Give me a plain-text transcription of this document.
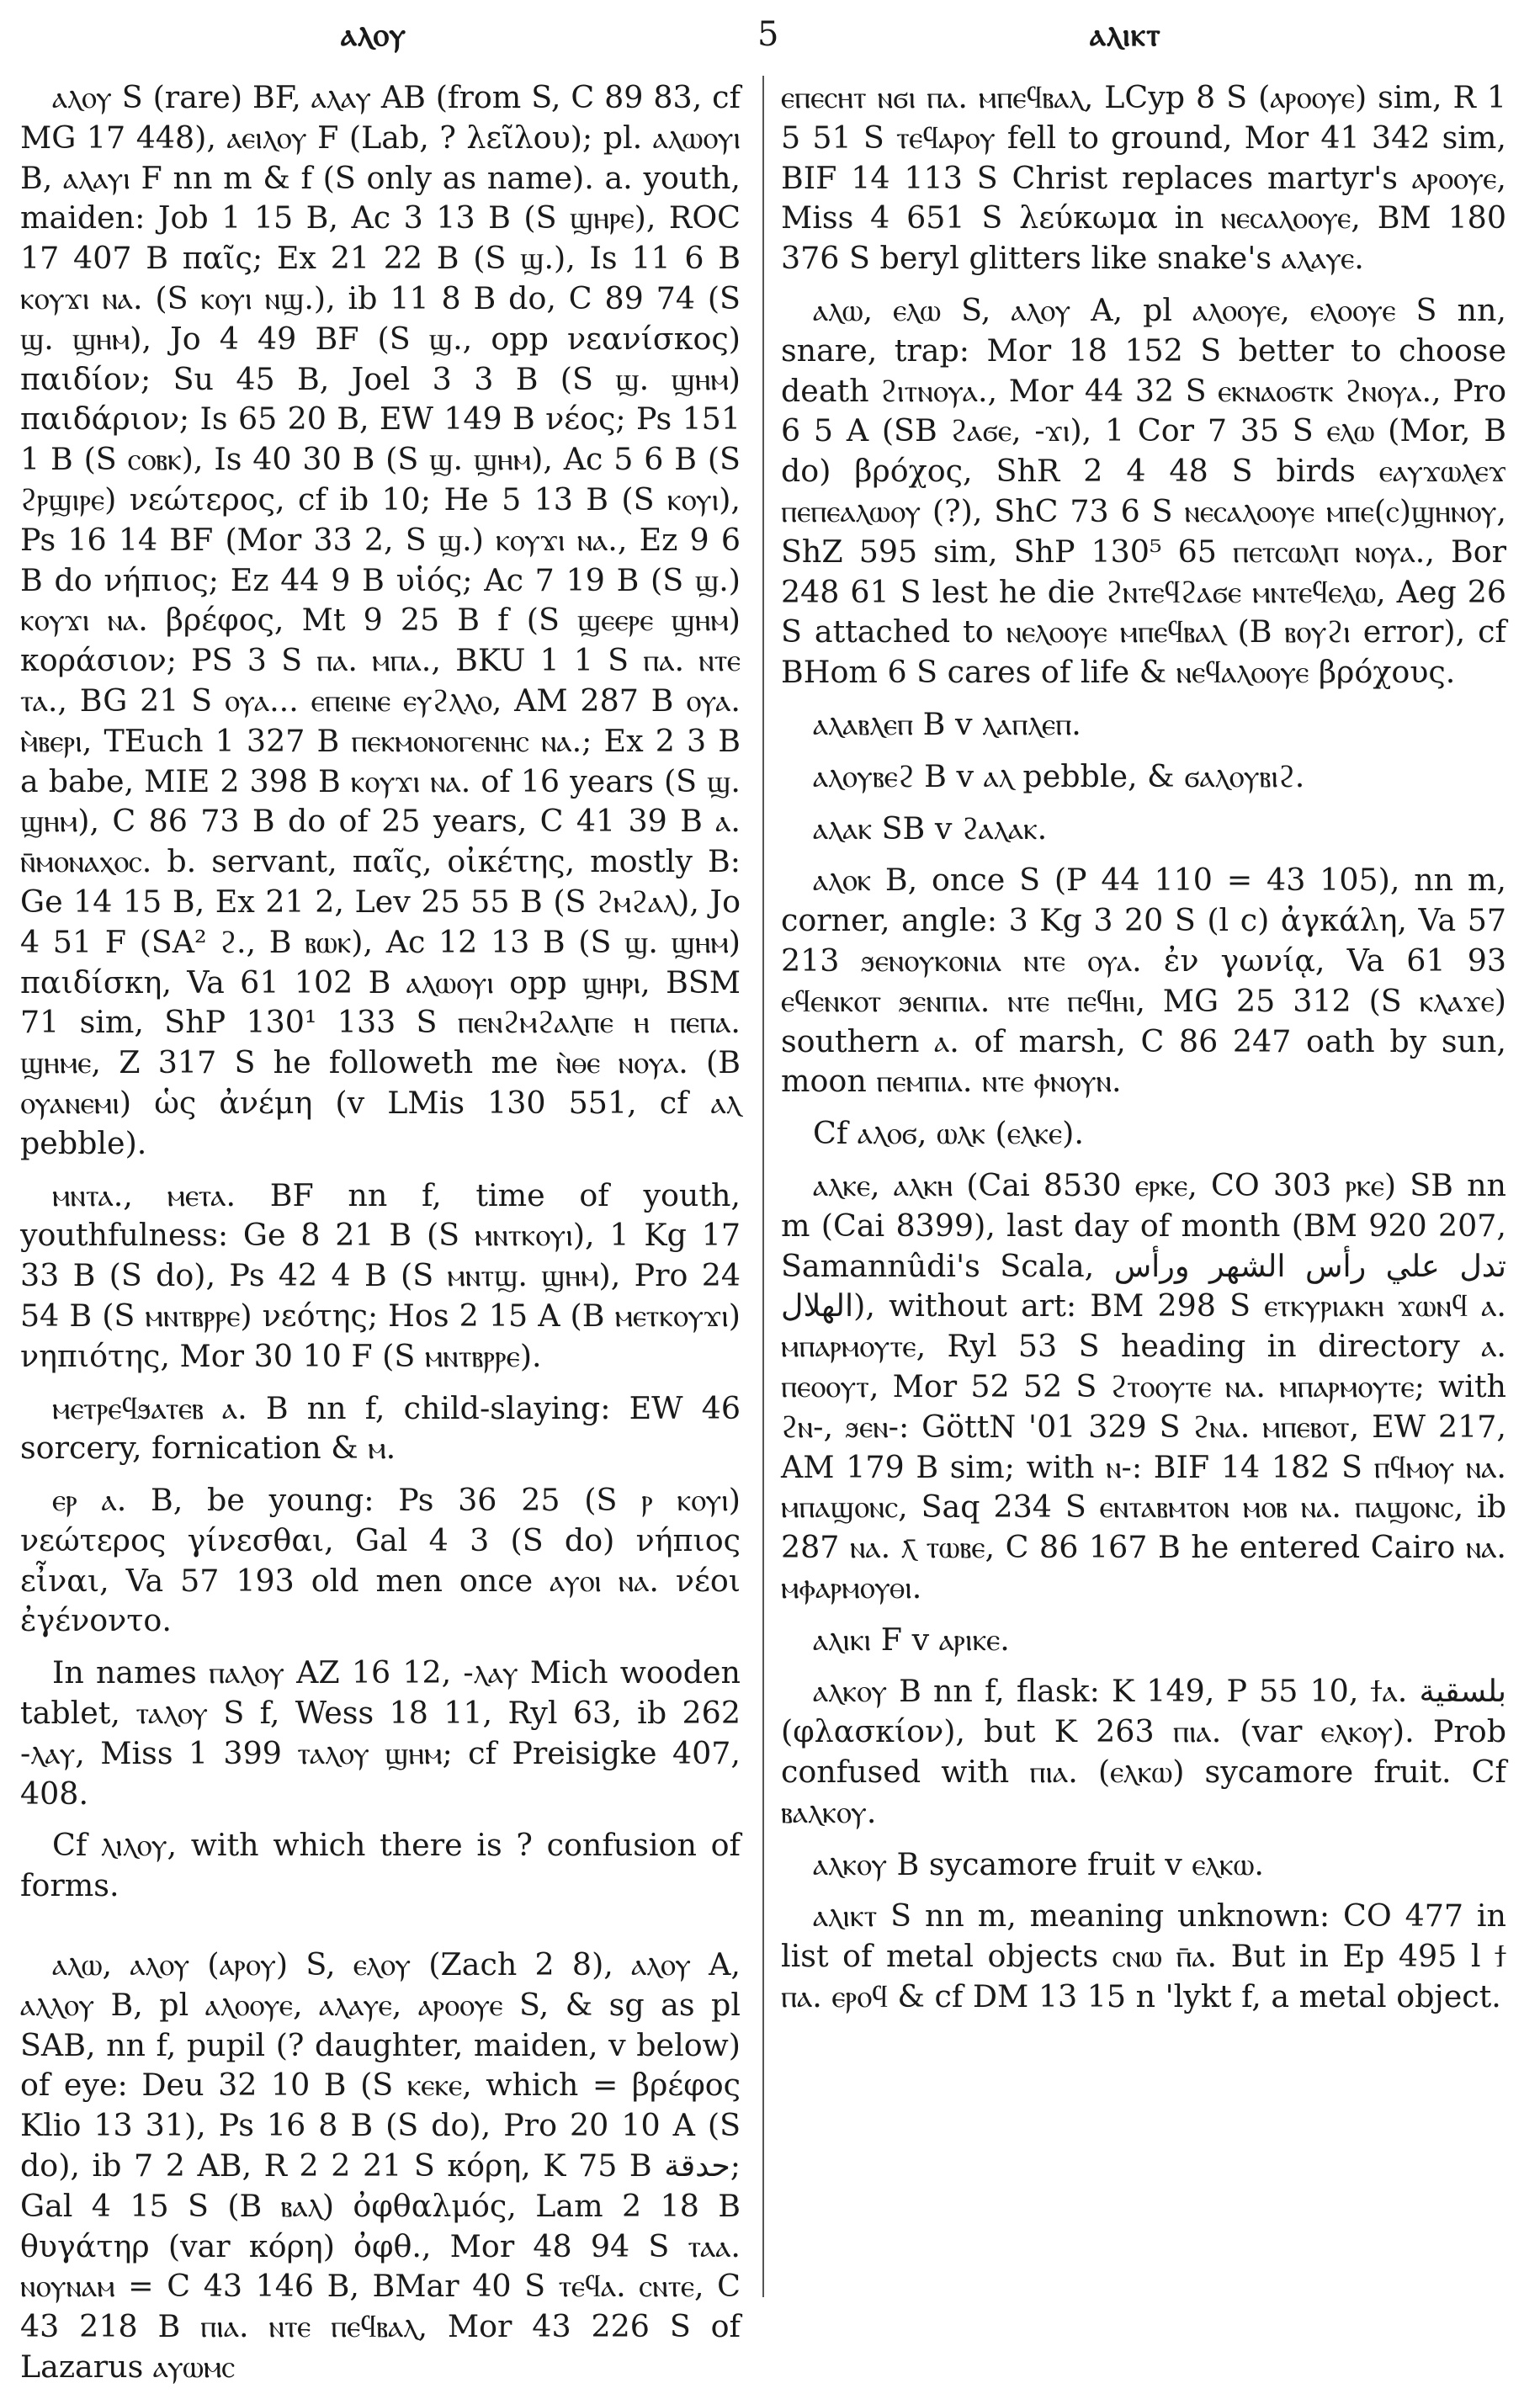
ⲁⲗⲟⲩ	5	ⲁⲗⲓⲕⲧ

ⲁⲗⲟⲩ S (rare) BF, ⲁⲗⲁⲩ AB (from S, C 89 83, cf MG 17 448), ⲁⲉⲓⲗⲟⲩ F (Lab, ? λεῖλου); pl. ⲁⲗⲱⲟⲩⲓ B, ⲁⲗⲁⲩⲓ F nn m & f (S only as name). a. youth, maiden: Job 1 15 B, Ac 3 13 B (S ϣⲏⲣⲉ), ROC 17 407 B παῖς; Ex 21 22 B (S ϣ.), Is 11 6 B ⲕⲟⲩϫⲓ ⲛⲁ. (S ⲕⲟⲩⲓ ⲛϣ.), ib 11 8 B do, C 89 74 (S ϣ. ϣⲏⲙ), Jo 4 49 BF (S ϣ., opp νεανίσκος) παιδίον; Su 45 B, Joel 3 3 B (S ϣ. ϣⲏⲙ) παιδάριον; Is 65 20 B, EW 149 B νέος; Ps 151 1 B (S ⲥⲟⲃⲕ), Is 40 30 B (S ϣ. ϣⲏⲙ), Ac 5 6 B (S ϩⲣϣⲓⲣⲉ) νεώτερος, cf ib 10; He 5 13 B (S ⲕⲟⲩⲓ), Ps 16 14 BF (Mor 33 2, S ϣ.) ⲕⲟⲩϫⲓ ⲛⲁ., Ez 9 6 B do νήπιος; Ez 44 9 B υἱός; Ac 7 19 B (S ϣ.) ⲕⲟⲩϫⲓ ⲛⲁ. βρέφος, Mt 9 25 B f (S ϣⲉⲉⲣⲉ ϣⲏⲙ) κοράσιον; PS 3 S ⲡⲁ. ⲙⲡⲁ., BKU 1 1 S ⲡⲁ. ⲛⲧⲉ ⲧⲁ., BG 21 S ⲟⲩⲁ... ⲉⲡⲉⲓⲛⲉ ⲉⲩϩⲗⲗⲟ, AM 287 B ⲟⲩⲁ. ⲙ̀ⲃⲉⲣⲓ, TEuch 1 327 B ⲡⲉⲕⲙⲟⲛⲟⲅⲉⲛⲏⲥ ⲛⲁ.; Ex 2 3 B a babe, MIE 2 398 B ⲕⲟⲩϫⲓ ⲛⲁ. of 16 years (S ϣ. ϣⲏⲙ), C 86 73 B do of 25 years, C 41 39 B ⲁ. ⲛ̄ⲙⲟⲛⲁⲭⲟⲥ. b. servant, παῖς, οἰκέτης, mostly B: Ge 14 15 B, Ex 21 2, Lev 25 55 B (S ϩⲙϩⲁⲗ), Jo 4 51 F (SA² ϩ., B ⲃⲱⲕ), Ac 12 13 B (S ϣ. ϣⲏⲙ) παιδίσκη, Va 61 102 B ⲁⲗⲱⲟⲩⲓ opp ϣⲏⲣⲓ, BSM 71 sim, ShP 130¹ 133 S ⲡⲉⲛϩⲙϩⲁⲗⲡⲉ ⲏ ⲡⲉⲡⲁ. ϣⲏⲙⲉ, Z 317 S he followeth me ⲛ̀ⲑⲉ ⲛⲟⲩⲁ. (B ⲟⲩⲁⲛⲉⲙⲓ) ὡς ἀνέμη (v LMis 130 551, cf ⲁⲗ pebble).

ⲙⲛⲧⲁ., ⲙⲉⲧⲁ. BF nn f, time of youth, youthfulness: Ge 8 21 B (S ⲙⲛⲧⲕⲟⲩⲓ), 1 Kg 17 33 B (S do), Ps 42 4 B (S ⲙⲛⲧϣ. ϣⲏⲙ), Pro 24 54 B (S ⲙⲛⲧⲃⲣⲣⲉ) νεότης; Hos 2 15 A (B ⲙⲉⲧⲕⲟⲩϫⲓ) νηπιότης, Mor 30 10 F (S ⲙⲛⲧⲃⲣⲣⲉ).

ⲙⲉⲧⲣⲉϥϧⲁⲧⲉⲃ ⲁ. B nn f, child-slaying: EW 46 sorcery, fornication & ⲙ.

ⲉⲣ ⲁ. B, be young: Ps 36 25 (S ⲣ ⲕⲟⲩⲓ) νεώτερος γίνεσθαι, Gal 4 3 (S do) νήπιος εἶναι, Va 57 193 old men once ⲁⲩⲟⲓ ⲛⲁ. νέοι ἐγένοντο.

In names ⲡⲁⲗⲟⲩ AZ 16 12, -ⲗⲁⲩ Mich wooden tablet, ⲧⲁⲗⲟⲩ S f, Wess 18 11, Ryl 63, ib 262 -ⲗⲁⲩ, Miss 1 399 ⲧⲁⲗⲟⲩ ϣⲏⲙ; cf Preisigke 407, 408.

Cf ⲗⲓⲗⲟⲩ, with which there is ? confusion of forms.

ⲁⲗⲱ, ⲁⲗⲟⲩ (ⲁⲣⲟⲩ) S, ⲉⲗⲟⲩ (Zach 2 8), ⲁⲗⲟⲩ A, ⲁⲗⲗⲟⲩ B, pl ⲁⲗⲟⲟⲩⲉ, ⲁⲗⲁⲩⲉ, ⲁⲣⲟⲟⲩⲉ S, & sg as pl SAB, nn f, pupil (? daughter, maiden, v below) of eye: Deu 32 10 B (S ⲕⲉⲕⲉ, which = βρέφος Klio 13 31), Ps 16 8 B (S do), Pro 20 10 A (S do), ib 7 2 AB, R 2 2 21 S κόρη, K 75 B ﺣﺪﻗﺔ; Gal 4 15 S (B ⲃⲁⲗ) ὀφθαλμός, Lam 2 18 B θυγάτηρ (var κόρη) ὀφθ., Mor 48 94 S ⲧⲁⲁ. ⲛⲟⲩⲛⲁⲙ = C 43 146 B, BMar 40 S ⲧⲉϥⲁ. ⲥⲛⲧⲉ, C 43 218 B ⲡⲓⲁ. ⲛⲧⲉ ⲡⲉϥⲃⲁⲗ, Mor 43 226 S of Lazarus ⲁⲩⲱⲙⲥ

ⲉⲡⲉⲥⲏⲧ ⲛϭⲓ ⲡⲁ. ⲙⲡⲉϥⲃⲁⲗ, LCyp 8 S (ⲁⲣⲟⲟⲩⲉ) sim, R 1 5 51 S ⲧⲉϥⲁⲣⲟⲩ fell to ground, Mor 41 342 sim, BIF 14 113 S Christ replaces martyr's ⲁⲣⲟⲟⲩⲉ, Miss 4 651 S λεύκωμα in ⲛⲉⲥⲁⲗⲟⲟⲩⲉ, BM 180 376 S beryl glitters like snake's ⲁⲗⲁⲩⲉ.

ⲁⲗⲱ, ⲉⲗⲱ S, ⲁⲗⲟⲩ A, pl ⲁⲗⲟⲟⲩⲉ, ⲉⲗⲟⲟⲩⲉ S nn, snare, trap: Mor 18 152 S better to choose death ϩⲓⲧⲛⲟⲩⲁ., Mor 44 32 S ⲉⲕⲛⲁⲟϭⲧⲕ ϩⲛⲟⲩⲁ., Pro 6 5 A (SB ϩⲁϭⲉ, -ϫⲓ), 1 Cor 7 35 S ⲉⲗⲱ (Mor, B do) βρόχος, ShR 2 4 48 S birds ⲉⲁⲩϫⲱⲗⲉϫ ⲡⲉⲡⲉⲁⲗⲱⲟⲩ (?), ShC 73 6 S ⲛⲉⲥⲁⲗⲟⲟⲩⲉ ⲙⲡⲉ(ⲥ)ϣⲏⲛⲟⲩ, ShZ 595 sim, ShP 130⁵ 65 ⲡⲉⲧⲥⲱⲗⲡ ⲛⲟⲩⲁ., Bor 248 61 S lest he die ϩⲛⲧⲉϥϩⲁϭⲉ ⲙⲛⲧⲉϥⲉⲗⲱ, Aeg 26 S attached to ⲛⲉⲗⲟⲟⲩⲉ ⲙⲡⲉϥⲃⲁⲗ (B ⲃⲟⲩϩⲓ error), cf BHom 6 S cares of life & ⲛⲉϥⲁⲗⲟⲟⲩⲉ βρόχους.

ⲁⲗⲁⲃⲗⲉⲡ B v ⲗⲁⲡⲗⲉⲡ.

ⲁⲗⲟⲩⲃⲉϩ B v ⲁⲗ pebble, & ϭⲁⲗⲟⲩⲃⲓϩ.

ⲁⲗⲁⲕ SB v ϩⲁⲗⲁⲕ.

ⲁⲗⲟⲕ B, once S (P 44 110 = 43 105), nn m, corner, angle: 3 Kg 3 20 S (l c) ἀγκάλη, Va 57 213 ϧⲉⲛⲟⲩⲕⲟⲛⲓⲁ ⲛⲧⲉ ⲟⲩⲁ. ἐν γωνίᾳ, Va 61 93 ⲉϥⲉⲛⲕⲟⲧ ϧⲉⲛⲡⲓⲁ. ⲛⲧⲉ ⲡⲉϥⲏⲓ, MG 25 312 (S ⲕⲗⲁϫⲉ) southern ⲁ. of marsh, C 86 247 oath by sun, moon ⲡⲉⲙⲡⲓⲁ. ⲛⲧⲉ ⲫⲛⲟⲩⲛ.

Cf ⲁⲗⲟϭ, ⲱⲗⲕ (ⲉⲗⲕⲉ).

ⲁⲗⲕⲉ, ⲁⲗⲕⲏ (Cai 8530 ⲉⲣⲕⲉ, CO 303 ⲣⲕⲉ) SB nn m (Cai 8399), last day of month (BM 920 207, Samannûdi's Scala, تدل علي رأس الشهر ورأس الهلال), without art: BM 298 S ⲉⲧⲕⲩⲣⲓⲁⲕⲏ ϫⲱⲛϥ ⲁ. ⲙⲡⲁⲣⲙⲟⲩⲧⲉ, Ryl 53 S heading in directory ⲁ. ⲡⲉⲟⲟⲩⲧ, Mor 52 52 S ϩⲧⲟⲟⲩⲧⲉ ⲛⲁ. ⲙⲡⲁⲣⲙⲟⲩⲧⲉ; with ϩⲛ-, ϧⲉⲛ-: GöttN '01 329 S ϩⲛⲁ. ⲙⲡⲉⲃⲟⲧ, EW 217, AM 179 B sim; with ⲛ-: BIF 14 182 S ⲡϥⲙⲟⲩ ⲛⲁ. ⲙⲡⲁϣⲟⲛⲥ, Saq 234 S ⲉⲛⲧⲁⲃⲙⲧⲟⲛ ⲙⲟⲃ ⲛⲁ. ⲡⲁϣⲟⲛⲥ, ib 287 ⲛⲁ. ⲗ̄ ⲧⲱⲃⲉ, C 86 167 B he entered Cairo ⲛⲁ. ⲙⲫⲁⲣⲙⲟⲩⲑⲓ.

ⲁⲗⲓⲕⲓ F v ⲁⲣⲓⲕⲉ.

ⲁⲗⲕⲟⲩ B nn f, flask: K 149, P 55 10, ϯⲁ. بلسقية (φλασκίον), but K 263 ⲡⲓⲁ. (var ⲉⲗⲕⲟⲩ). Prob confused with ⲡⲓⲁ. (ⲉⲗⲕⲱ) sycamore fruit. Cf ⲃⲁⲗⲕⲟⲩ.

ⲁⲗⲕⲟⲩ B sycamore fruit v ⲉⲗⲕⲱ.

ⲁⲗⲓⲕⲧ S nn m, meaning unknown: CO 477 in list of metal objects ⲥⲛⲱ ⲡ̄ⲁ. But in Ep 495 l ϯ ⲡⲁ. ⲉⲣⲟϥ & cf DM 13 15 n 'lykt f, a metal object.
